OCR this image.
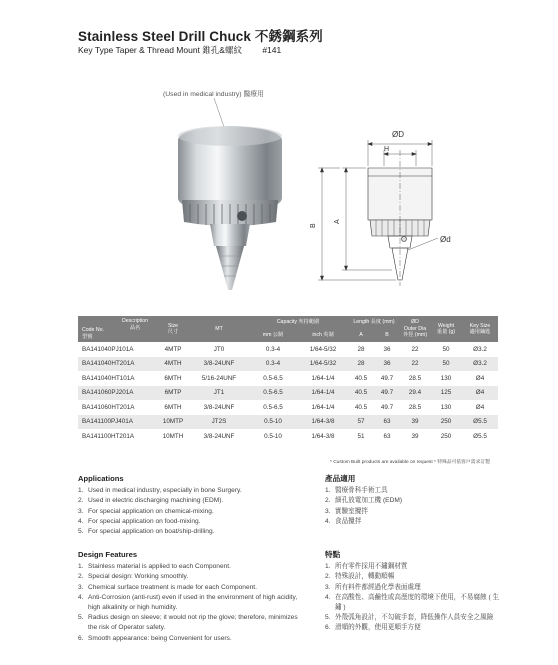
Stainless Steel Drill Chuck 不銹鋼系列
Key Type Taper & Thread Mount 錐孔&螺紋 #141
(Used in medical industry) 醫療用
ØD
H
A
B
Ød
Description
品名
Code No.
型號	Size
尺寸	MT	Capacity 夾持範圍		Length 長度 (mm)		ØD
Outer Dia
外徑 (mm)	Weight
重量 (g)	Key Size
適用鑰匙
			mm 公制	inch 英制	A	B			
BA141040PJ101A	4MTP	JT0	0.3-4	1/64-5/32	28	36	22	50	Ø3.2
BA141040HT201A	4MTH	3/8-24UNF	0.3-4	1/64-5/32	28	36	22	50	Ø3.2
BA141040HT101A	6MTH	5/16-24UNF	0.5-6.5	1/64-1/4	40.5	49.7	28.5	130	Ø4
BA141060PJ201A	6MTP	JT1	0.5-6.5	1/64-1/4	40.5	49.7	29.4	125	Ø4
BA141060HT201A	6MTH	3/8-24UNF	0.5-6.5	1/64-1/4	40.5	49.7	28.5	130	Ø4
BA141100PJ401A	10MTP	JT2S	0.5-10	1/64-3/8	57	63	39	250	Ø5.5
BA141100HT201A	10MTH	3/8-24UNF	0.5-10	1/64-3/8	51	63	39	250	Ø5.5
* Custom Built products are available on request * 特殊品可依客戶需求訂製
Applications
1. Used in medical industry, especially in bone Surgery.
2. Used in electric discharging machining (EDM).
3. For special application on chemical-mixing.
4. For special application on food-mixing.
5. For special application on boat/ship-drilling.
產品適用
1. 醫療骨科手術工具
2. 細孔放電加工機 (EDM)
3. 實驗室攪拌
4. 食品攪拌
Design Features
1. Stainless material is applied to each Component.
2. Special design: Working smoothly.
3. Chemical surface treatment is made for each Component.
4. Anti-Corrosion (anti-rust) even if used in the environment of high acidity, high alkalinity or high humidity.
5. Radius design on sleeve; it would not rip the glove; therefore, minimizes the risk of Operator safety.
6. Smooth appearance: being Convenient for users.
特點
1. 所有零件採用不鏽鋼材質
2. 特殊設計，轉動順暢
3. 所有料件都經過化學表面處理
4. 在高酸性、高鹼性或高溼度的環境下使用，不易腐蝕 ( 生鏽 )
5. 外殼弧角設計，不勾破手套，降低操作人員安全之風險
6. 滑順的外觀，使用更順手方便
